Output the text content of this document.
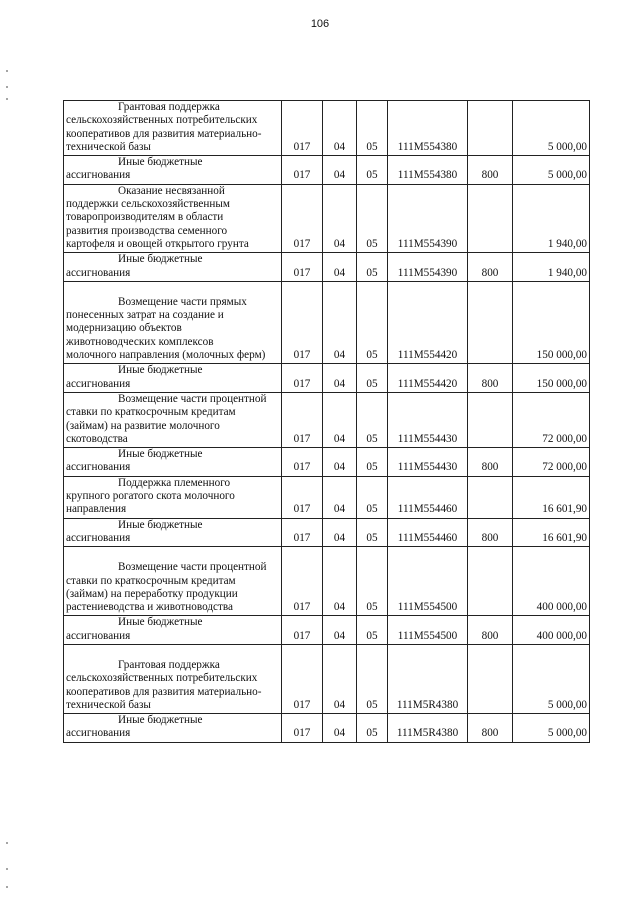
106
Грантовая поддержка
сельскохозяйственных потребительских
кооперативов для развития материально-
технической базы	017	04	05	111М554380		5 000,00

Иные бюджетные
ассигнования	017	04	05	111М554380	800	5 000,00

Оказание несвязанной
поддержки сельскохозяйственным
товаропроизводителям в области
развития производства семенного
картофеля и овощей открытого грунта	017	04	05	111М554390		1 940,00

Иные бюджетные
ассигнования	017	04	05	111М554390	800	1 940,00

Возмещение части прямых
понесенных затрат на создание и
модернизацию объектов
животноводческих комплексов
молочного направления (молочных ферм)	017	04	05	111М554420		150 000,00

Иные бюджетные
ассигнования	017	04	05	111М554420	800	150 000,00

Возмещение части процентной
ставки по краткосрочным кредитам
(займам) на развитие молочного
скотоводства	017	04	05	111М554430		72 000,00

Иные бюджетные
ассигнования	017	04	05	111М554430	800	72 000,00

Поддержка племенного
крупного рогатого скота молочного
направления	017	04	05	111М554460		16 601,90

Иные бюджетные
ассигнования	017	04	05	111М554460	800	16 601,90

Возмещение части процентной
ставки по краткосрочным кредитам
(займам) на переработку продукции
растениеводства и животноводства	017	04	05	111М554500		400 000,00

Иные бюджетные
ассигнования	017	04	05	111М554500	800	400 000,00

Грантовая поддержка
сельскохозяйственных потребительских
кооперативов для развития материально-
технической базы	017	04	05	111М5R4380		5 000,00

Иные бюджетные
ассигнования	017	04	05	111М5R4380	800	5 000,00
